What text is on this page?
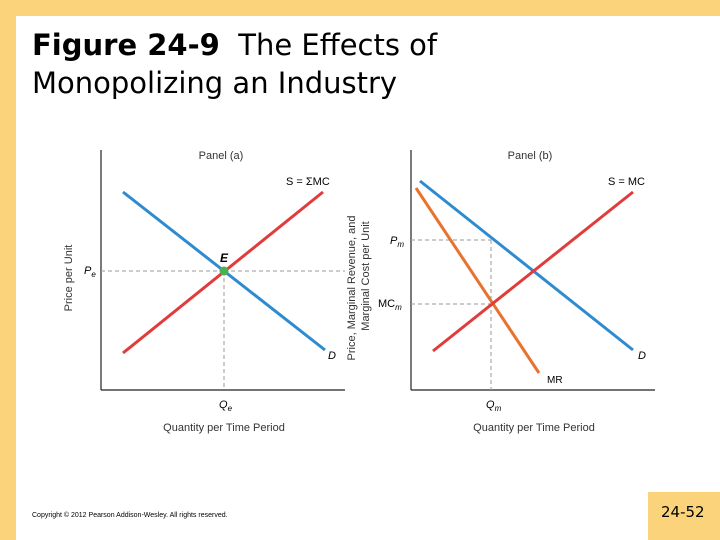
Figure 24-9  The Effects of
Monopolizing an Industry
Panel (a)
E
S = ΣMC
D
$P_e$
$Q_e$
Quantity per Time Period
Price per Unit
Panel (b)
S = MC
D
MR
$P_m$
$MC_m$
$Q_m$
Quantity per Time Period
Price, Marginal Revenue, and Marginal Cost per Unit
Copyright © 2012 Pearson Addison-Wesley. All rights reserved.	24-52
